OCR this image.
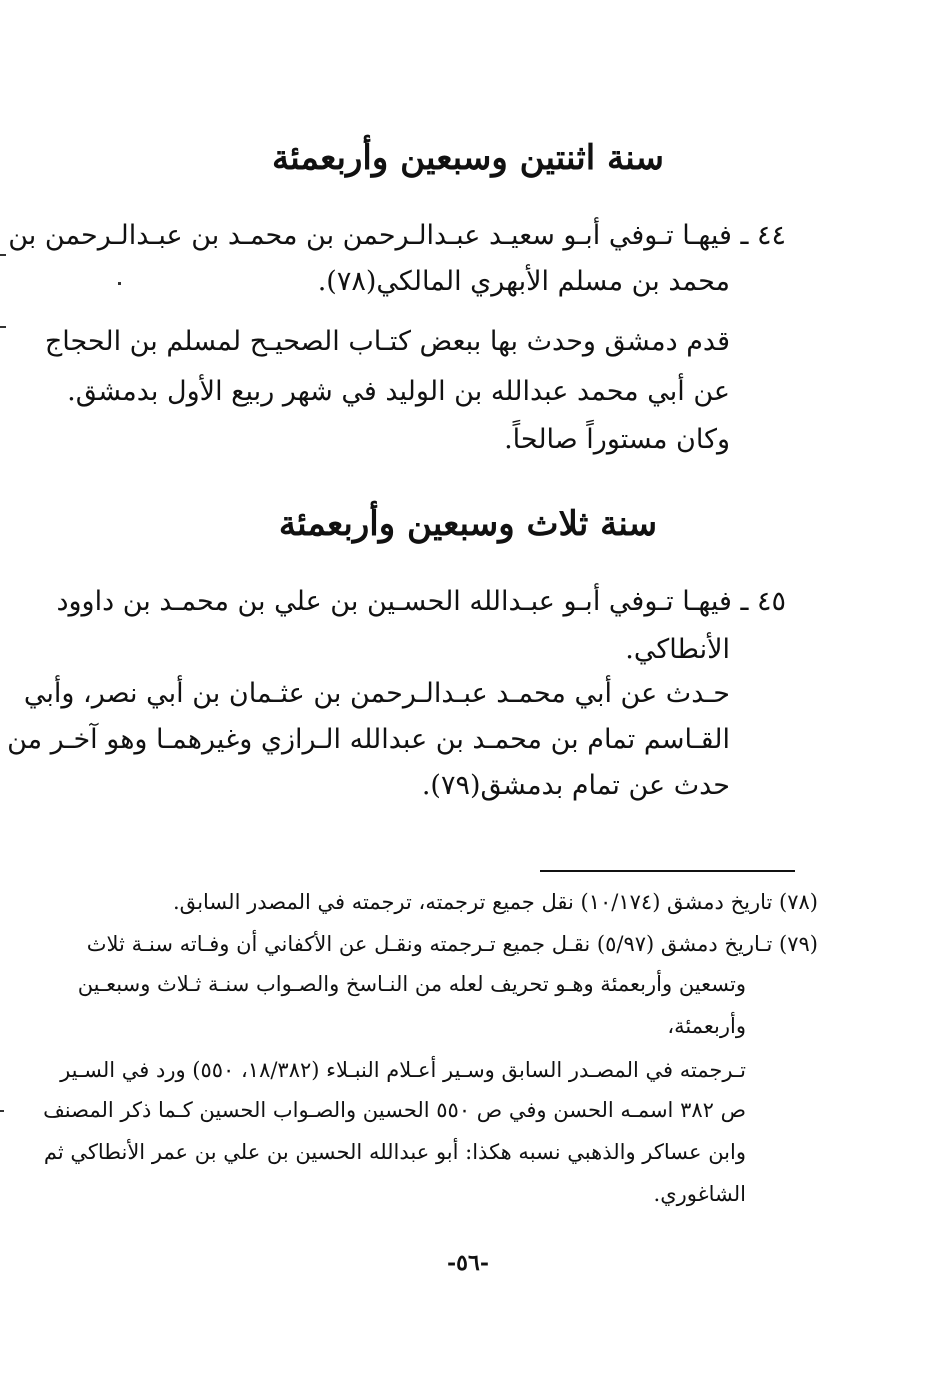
سنة اثنتين وسبعين وأربعمئة
٤٤ ـ فيهـا تـوفي أبـو سعيـد عبـدالـرحمن بن محمـد بن عبـدالـرحمن بن
محمد بن مسلم الأبهري المالكي(٧٨).
قدم دمشق وحدث بها ببعض كتـاب الصحيـح لمسلم بن الحجاج
عن أبي محمد عبدالله بن الوليد في شهر ربيع الأول بدمشق.
وكان مستوراً صالحاً.
سنة ثلاث وسبعين وأربعمئة
٤٥ ـ فيهـا تـوفي أبـو عبـدالله الحسـين بن علي بن محمـد بن داوود
الأنطاكي.
حـدث عن أبي محمـد عبـدالـرحمن بن عثـمان بن أبي نصر، وأبي
القـاسم تمام بن محمـد بن عبدالله الـرازي وغيرهمـا وهو آخـر من
حدث عن تمام بدمشق(٧٩).
(٧٨) تاريخ دمشق (١٠/١٧٤) نقل جميع ترجمته، ترجمته في المصدر السابق.
(٧٩) تـاريخ دمشق (٥/٩٧) نقـل جميع تـرجمته ونقـل عن الأكفاني أن وفـاته سنـة ثلاث
وتسعين وأربعمئة وهـو تحريف لعله من النـاسخ والصـواب سنـة ثـلاث وسبعـين
وأربعمئة،
تـرجمته في المصـدر السابق وسـير أعـلام النبـلاء (١٨/٣٨٢، ٥٥٠) ورد في السـير
ص ٣٨٢ اسمـه الحسن وفي ص ٥٥٠ الحسين والصـواب الحسين كـما ذكر المصنف
وابن عساكر والذهبي نسبه هكذا: أبو عبدالله الحسين بن علي بن عمر الأنطاكي ثم
الشاغوري.
-٥٦-
